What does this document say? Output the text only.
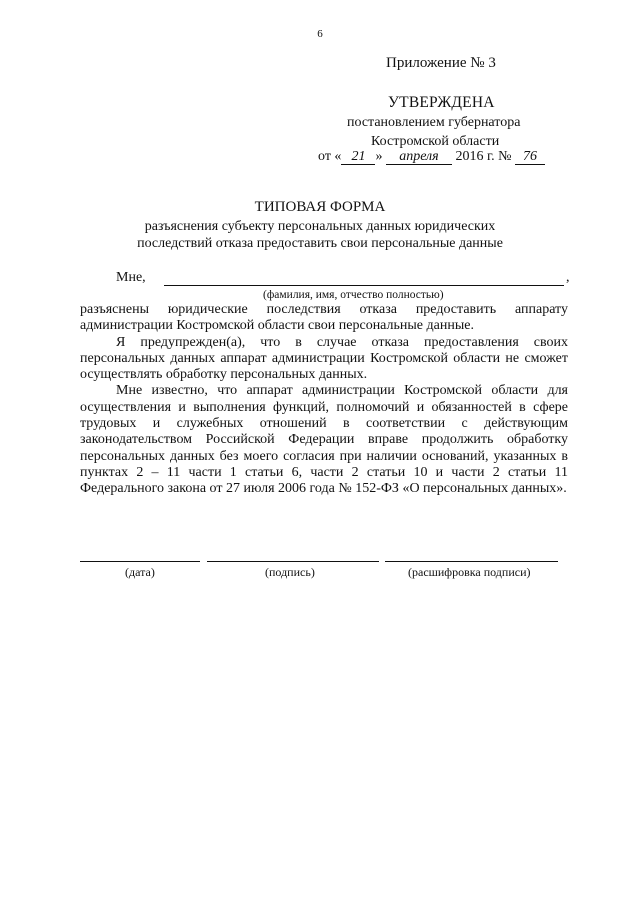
6
Приложение № 3
УТВЕРЖДЕНА
постановлением губернатора
Костромской области
от « 21 » апреля 2016 г. № 76
ТИПОВАЯ ФОРМА
разъяснения субъекту персональных данных юридических
последствий отказа предоставить свои персональные данные
Мне,	,
(фамилия, имя, отчество полностью)

разъяснены юридические последствия отказа предоставить аппарату администрации Костромской области свои персональные данные.

Я предупрежден(а), что в случае отказа предоставления своих персональных данных аппарат администрации Костромской области не сможет осуществлять обработку персональных данных.

Мне известно, что аппарат администрации Костромской области для осуществления и выполнения функций, полномочий и обязанностей в сфере трудовых и служебных отношений в соответствии с действующим законодательством Российской Федерации вправе продолжить обработку персональных данных без моего согласия при наличии оснований, указанных в пунктах 2 – 11 части 1 статьи 6, части 2 статьи 10 и части 2 статьи 11 Федерального закона от 27 июля 2006 года № 152-ФЗ «О персональных данных».

(дата)	(подпись)	(расшифровка подписи)
